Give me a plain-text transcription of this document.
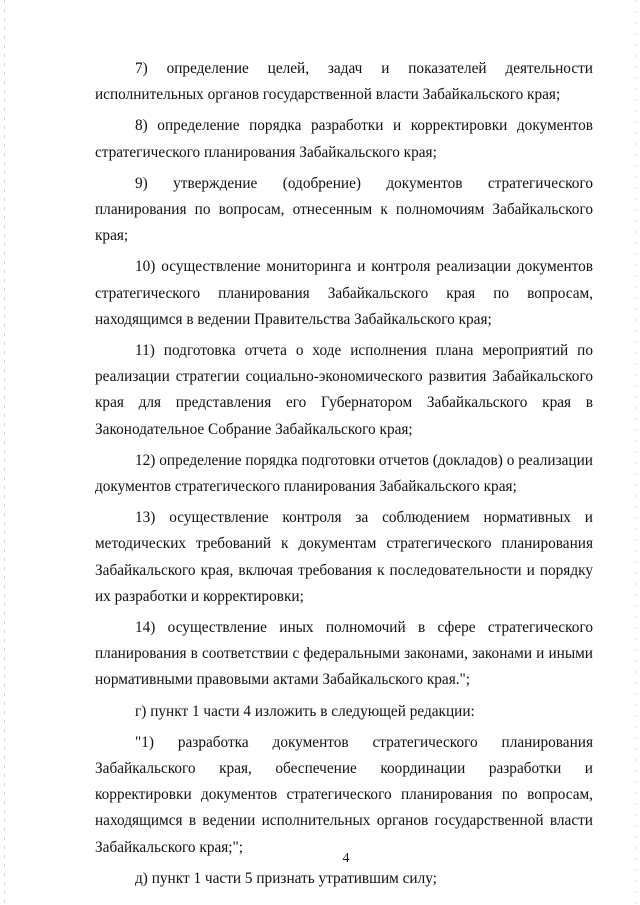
7) определение целей, задач и показателей деятельности исполнительных органов государственной власти Забайкальского края;

8) определение порядка разработки и корректировки документов стратегического планирования Забайкальского края;

9) утверждение (одобрение) документов стратегического планирования по вопросам, отнесенным к полномочиям Забайкальского края;

10) осуществление мониторинга и контроля реализации документов стратегического планирования Забайкальского края по вопросам, находящимся в ведении Правительства Забайкальского края;

11) подготовка отчета о ходе исполнения плана мероприятий по реализации стратегии социально-экономического развития Забайкальского края для представления его Губернатором Забайкальского края в Законодательное Собрание Забайкальского края;

12) определение порядка подготовки отчетов (докладов) о реализации документов стратегического планирования Забайкальского края;

13) осуществление контроля за соблюдением нормативных и методических требований к документам стратегического планирования Забайкальского края, включая требования к последовательности и порядку их разработки и корректировки;

14) осуществление иных полномочий в сфере стратегического планирования в соответствии с федеральными законами, законами и иными нормативными правовыми актами Забайкальского края.";

г) пункт 1 части 4 изложить в следующей редакции:

"1) разработка документов стратегического планирования Забайкальского края, обеспечение координации разработки и корректировки документов стратегического планирования по вопросам, находящимся в ведении исполнительных органов государственной власти Забайкальского края;";

д) пункт 1 части 5 признать утратившим силу;

4
